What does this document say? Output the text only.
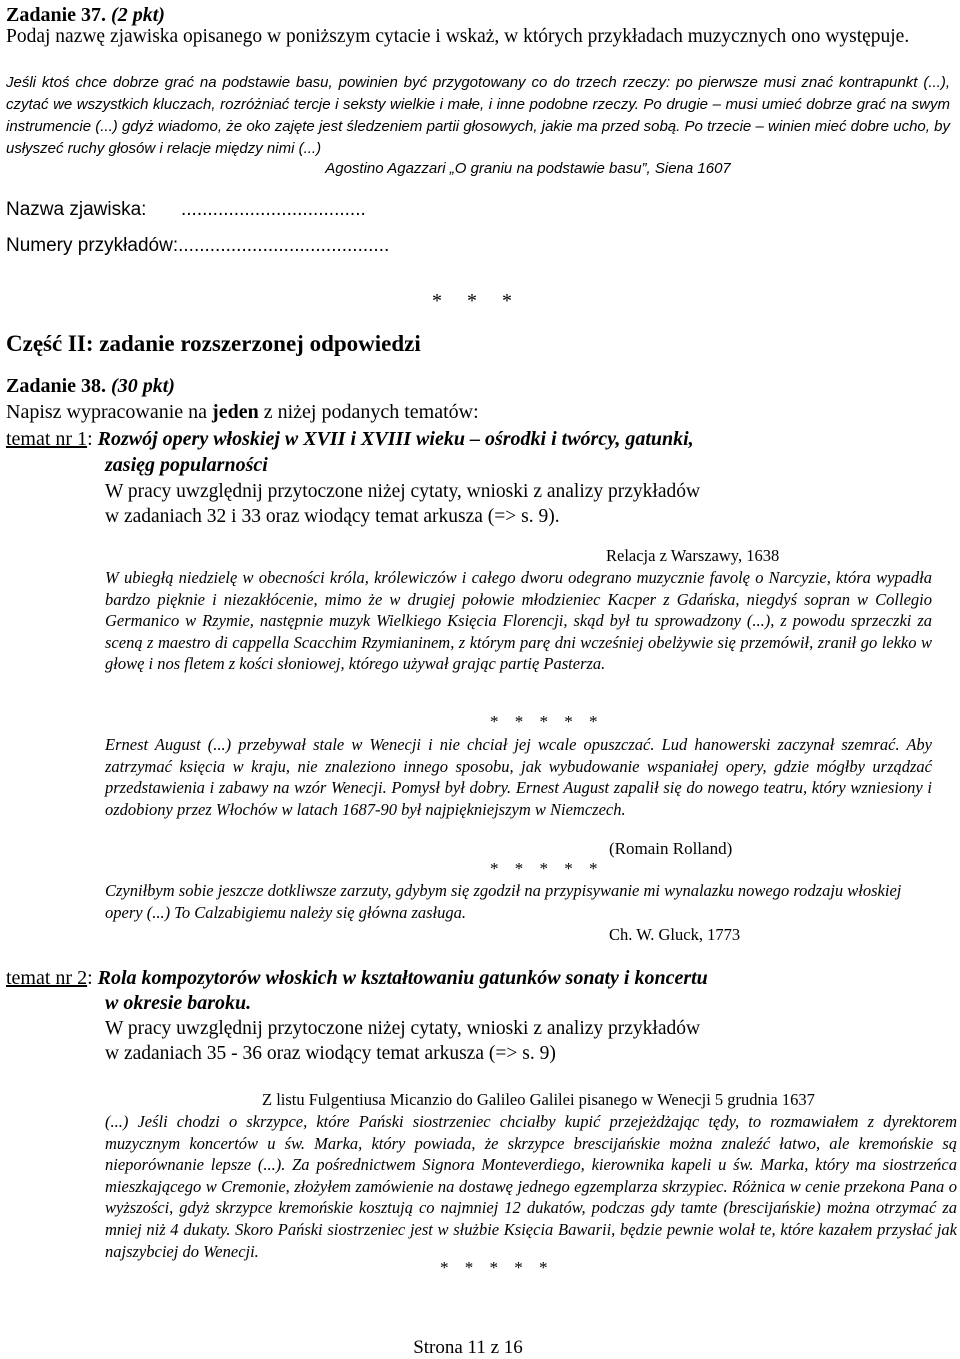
Zadanie 37. (2 pkt)
Podaj nazwę zjawiska opisanego w poniższym cytacie i wskaż, w których przykładach muzycznych ono występuje.
Jeśli ktoś chce dobrze grać na podstawie basu, powinien być przygotowany co do trzech rzeczy: po pierwsze musi znać kontrapunkt (...), czytać we wszystkich kluczach, rozróżniać tercje i seksty wielkie i małe, i inne podobne rzeczy. Po drugie – musi umieć dobrze grać na swym instrumencie (...) gdyż wiadomo, że oko zajęte jest śledzeniem partii głosowych, jakie ma przed sobą. Po trzecie – winien mieć dobre ucho, by usłyszeć ruchy głosów i relacje między nimi (...)
Agostino Agazzari „O graniu na podstawie basu”, Siena 1607
Nazwa zjawiska: ...................................
Numery przykładów:........................................
* * *
Część II: zadanie rozszerzonej odpowiedzi
Zadanie 38. (30 pkt)
Napisz wypracowanie na jeden z niżej podanych tematów:
temat nr 1: Rozwój opery włoskiej w XVII i XVIII wieku – ośrodki i twórcy, gatunki,
zasięg popularności
W pracy uwzględnij przytoczone niżej cytaty, wnioski z analizy przykładów
w zadaniach 32 i 33 oraz wiodący temat arkusza (=> s. 9).
Relacja z Warszawy, 1638
W ubiegłą niedzielę w obecności króla, królewiczów i całego dworu odegrano muzycznie favolę o Narcyzie, która wypadła bardzo pięknie i niezakłócenie, mimo że w drugiej połowie młodzieniec Kacper z Gdańska, niegdyś sopran w Collegio Germanico w Rzymie, następnie muzyk Wielkiego Księcia Florencji, skąd był tu sprowadzony (...), z powodu sprzeczki za sceną z maestro di cappella Scacchim Rzymianinem, z którym parę dni wcześniej obelżywie się przemówił, zranił go lekko w głowę i nos fletem z kości słoniowej, którego używał grając partię Pasterza.
* * * * *
Ernest August (...) przebywał stale w Wenecji i nie chciał jej wcale opuszczać. Lud hanowerski zaczynał szemrać. Aby zatrzymać księcia w kraju, nie znaleziono innego sposobu, jak wybudowanie wspaniałej opery, gdzie mógłby urządzać przedstawienia i zabawy na wzór Wenecji. Pomysł był dobry. Ernest August zapalił się do nowego teatru, który wzniesiony i ozdobiony przez Włochów w latach 1687-90 był najpiękniejszym w Niemczech.
(Romain Rolland)
* * * * *
Czyniłbym sobie jeszcze dotkliwsze zarzuty, gdybym się zgodził na przypisywanie mi wynalazku nowego rodzaju włoskiej opery (...) To Calzabigiemu należy się główna zasługa.
Ch. W. Gluck, 1773
temat nr 2: Rola kompozytorów włoskich w kształtowaniu gatunków sonaty i koncertu
w okresie baroku.
W pracy uwzględnij przytoczone niżej cytaty, wnioski z analizy przykładów
w zadaniach 35 - 36 oraz wiodący temat arkusza (=> s. 9)
Z listu Fulgentiusa Micanzio do Galileo Galilei pisanego w Wenecji 5 grudnia 1637
(...) Jeśli chodzi o skrzypce, które Pański siostrzeniec chciałby kupić przejeżdżając tędy, to rozmawiałem z dyrektorem muzycznym koncertów u św. Marka, który powiada, że skrzypce brescijańskie można znaleźć łatwo, ale kremońskie są nieporównanie lepsze (...). Za pośrednictwem Signora Monteverdiego, kierownika kapeli u św. Marka, który ma siostrzeńca mieszkającego w Cremonie, złożyłem zamówienie na dostawę jednego egzemplarza skrzypiec. Różnica w cenie przekona Pana o wyższości, gdyż skrzypce kremońskie kosztują co najmniej 12 dukatów, podczas gdy tamte (brescijańskie) można otrzymać za mniej niż 4 dukaty. Skoro Pański siostrzeniec jest w służbie Księcia Bawarii, będzie pewnie wolał te, które kazałem przysłać jak najszybciej do Wenecji.
* * * * *
Strona 11 z 16
